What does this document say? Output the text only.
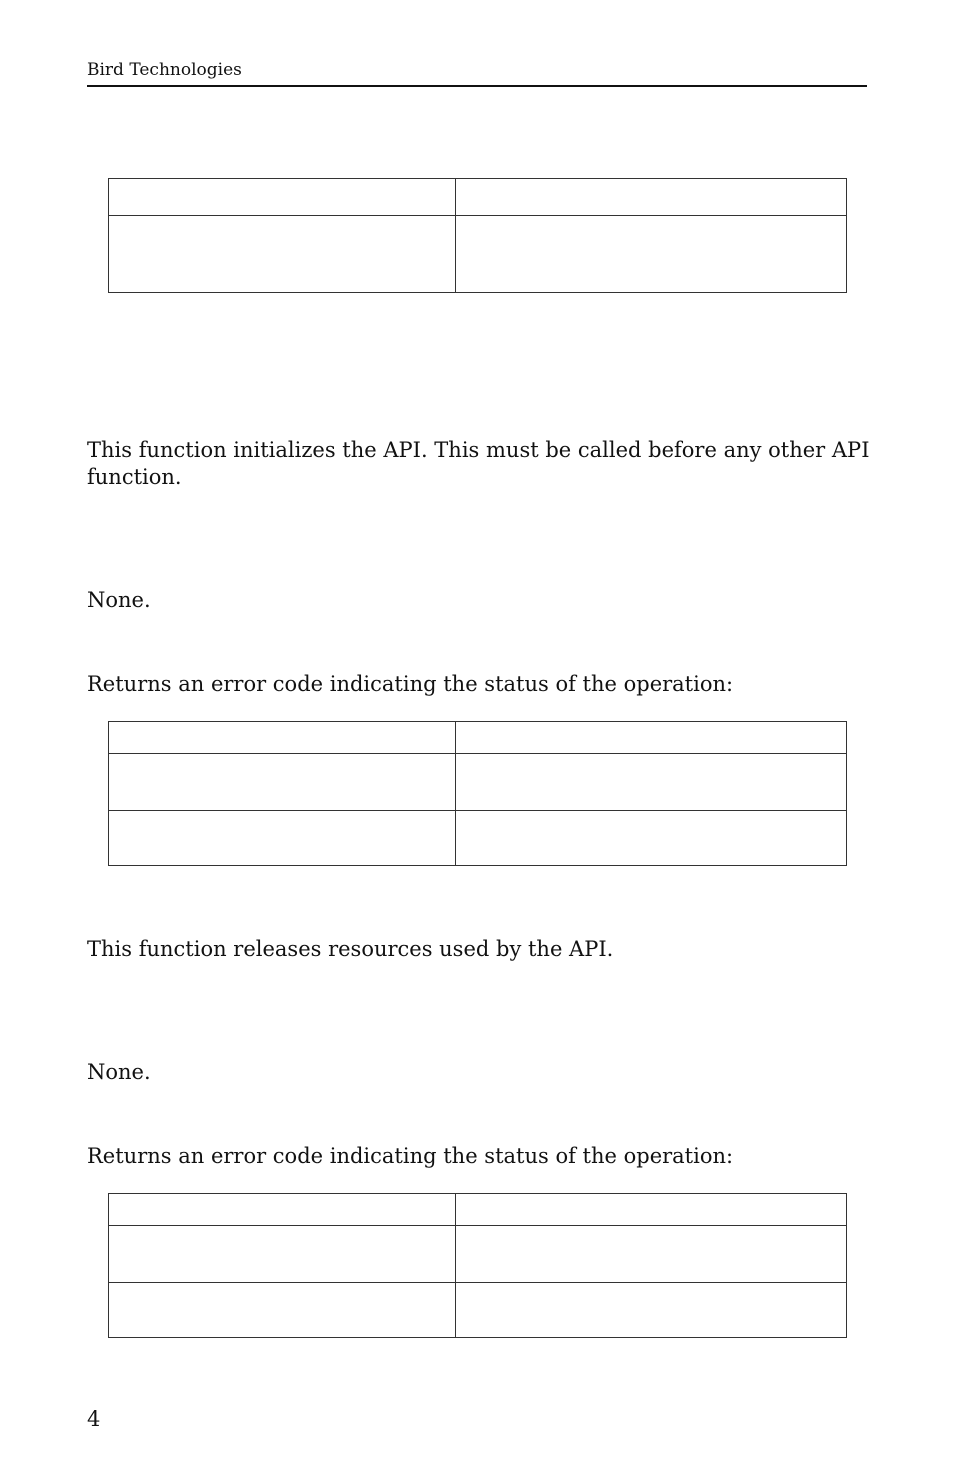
Bird Technologies
This function initializes the API. This must be called before any other API function.
None.
Returns an error code indicating the status of the operation:
This function releases resources used by the API.
None.
Returns an error code indicating the status of the operation:
4
